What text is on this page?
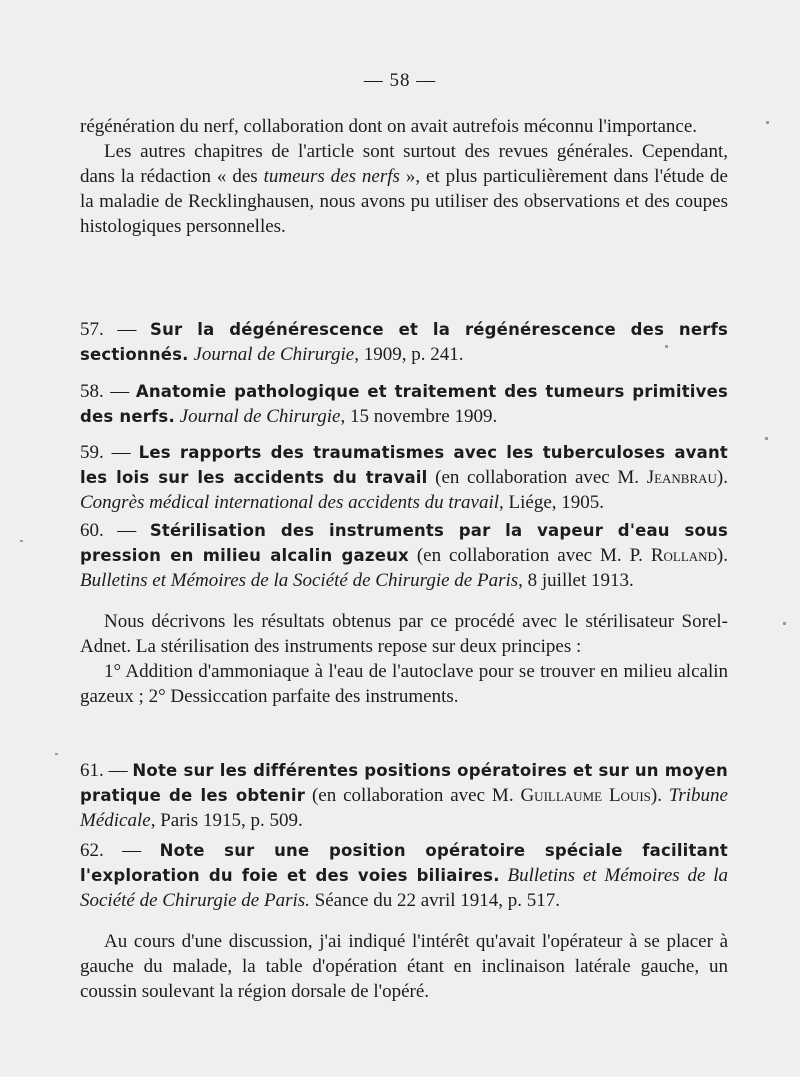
— 58 —

régénération du nerf, collaboration dont on avait autrefois méconnu l'importance.

Les autres chapitres de l'article sont surtout des revues générales. Cependant, dans la rédaction « des tumeurs des nerfs », et plus particulièrement dans l'étude de la maladie de Recklinghausen, nous avons pu utiliser des observations et des coupes histologiques personnelles.

57. — Sur la dégénérescence et la régénérescence des nerfs sectionnés. Journal de Chirurgie, 1909, p. 241.
58. — Anatomie pathologique et traitement des tumeurs primitives des nerfs. Journal de Chirurgie, 15 novembre 1909.
59. — Les rapports des traumatismes avec les tuberculoses avant les lois sur les accidents du travail (en collaboration avec M. Jeanbrau). Congrès médical international des accidents du travail, Liége, 1905.
60. — Stérilisation des instruments par la vapeur d'eau sous pression en milieu alcalin gazeux (en collaboration avec M. P. Rolland). Bulletins et Mémoires de la Société de Chirurgie de Paris, 8 juillet 1913.

Nous décrivons les résultats obtenus par ce procédé avec le stérilisateur Sorel-Adnet. La stérilisation des instruments repose sur deux principes :

1° Addition d'ammoniaque à l'eau de l'autoclave pour se trouver en milieu alcalin gazeux ; 2° Dessiccation parfaite des instruments.

61. — Note sur les différentes positions opératoires et sur un moyen pratique de les obtenir (en collaboration avec M. Guillaume Louis). Tribune Médicale, Paris 1915, p. 509.
62. — Note sur une position opératoire spéciale facilitant l'exploration du foie et des voies biliaires. Bulletins et Mémoires de la Société de Chirurgie de Paris. Séance du 22 avril 1914, p. 517.

Au cours d'une discussion, j'ai indiqué l'intérêt qu'avait l'opérateur à se placer à gauche du malade, la table d'opération étant en inclinaison latérale gauche, un coussin soulevant la région dorsale de l'opéré.
